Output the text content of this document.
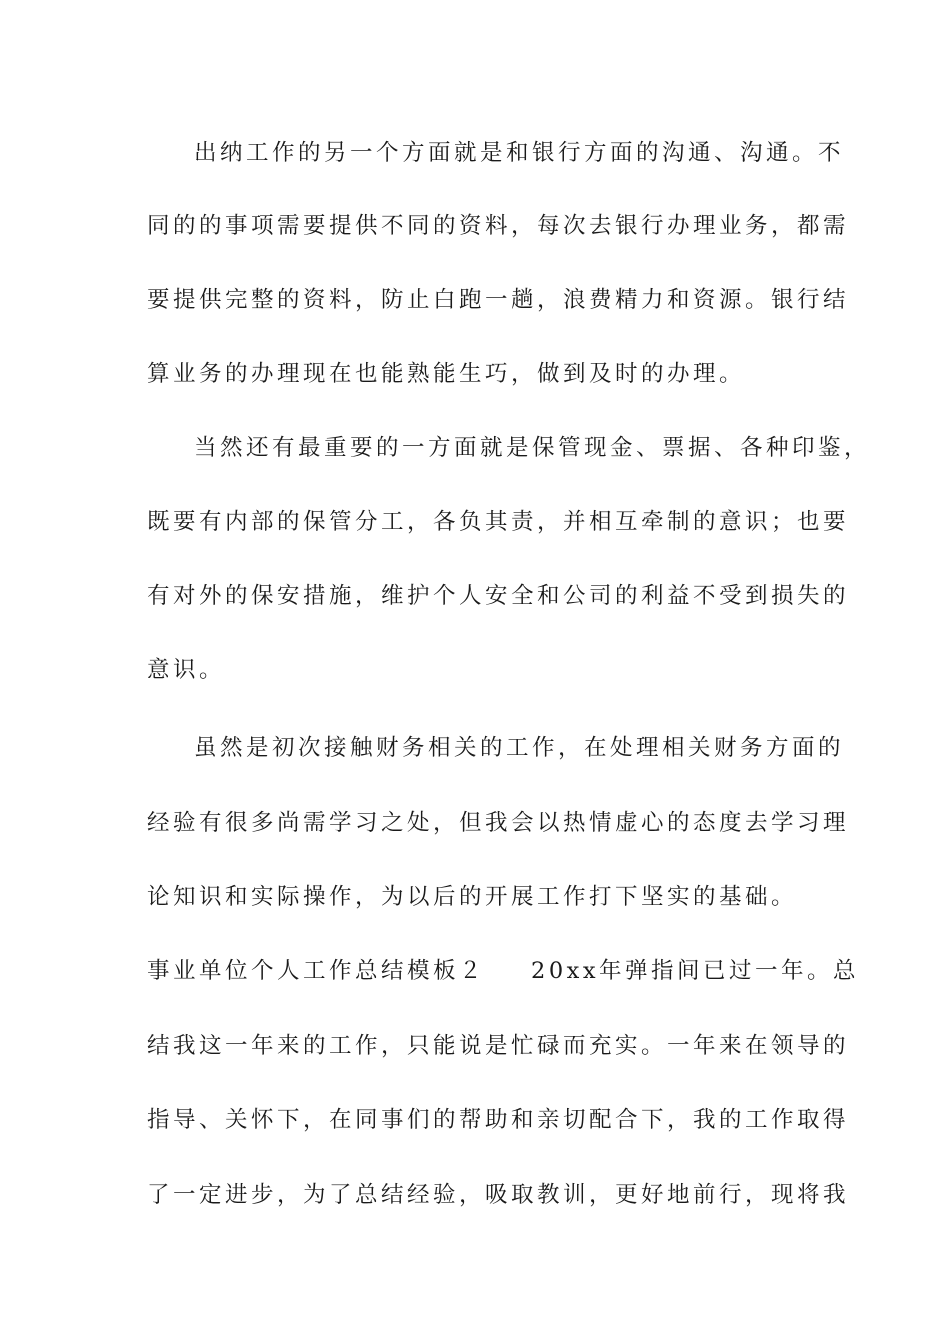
出纳工作的另一个方面就是和银行方面的沟通、沟通。不
同的的事项需要提供不同的资料，每次去银行办理业务，都需
要提供完整的资料，防止白跑一趟，浪费精力和资源。银行结
算业务的办理现在也能熟能生巧，做到及时的办理。
当然还有最重要的一方面就是保管现金、票据、各种印鉴，
既要有内部的保管分工，各负其责，并相互牵制的意识；也要
有对外的保安措施，维护个人安全和公司的利益不受到损失的
意识。
虽然是初次接触财务相关的工作，在处理相关财务方面的
经验有很多尚需学习之处，但我会以热情虚心的态度去学习理
论知识和实际操作，为以后的开展工作打下坚实的基础。
事业单位个人工作总结模板２ 20xx年弹指间已过一年。总
结我这一年来的工作，只能说是忙碌而充实。一年来在领导的
指导、关怀下，在同事们的帮助和亲切配合下，我的工作取得
了一定进步，为了总结经验，吸取教训，更好地前行，现将我
